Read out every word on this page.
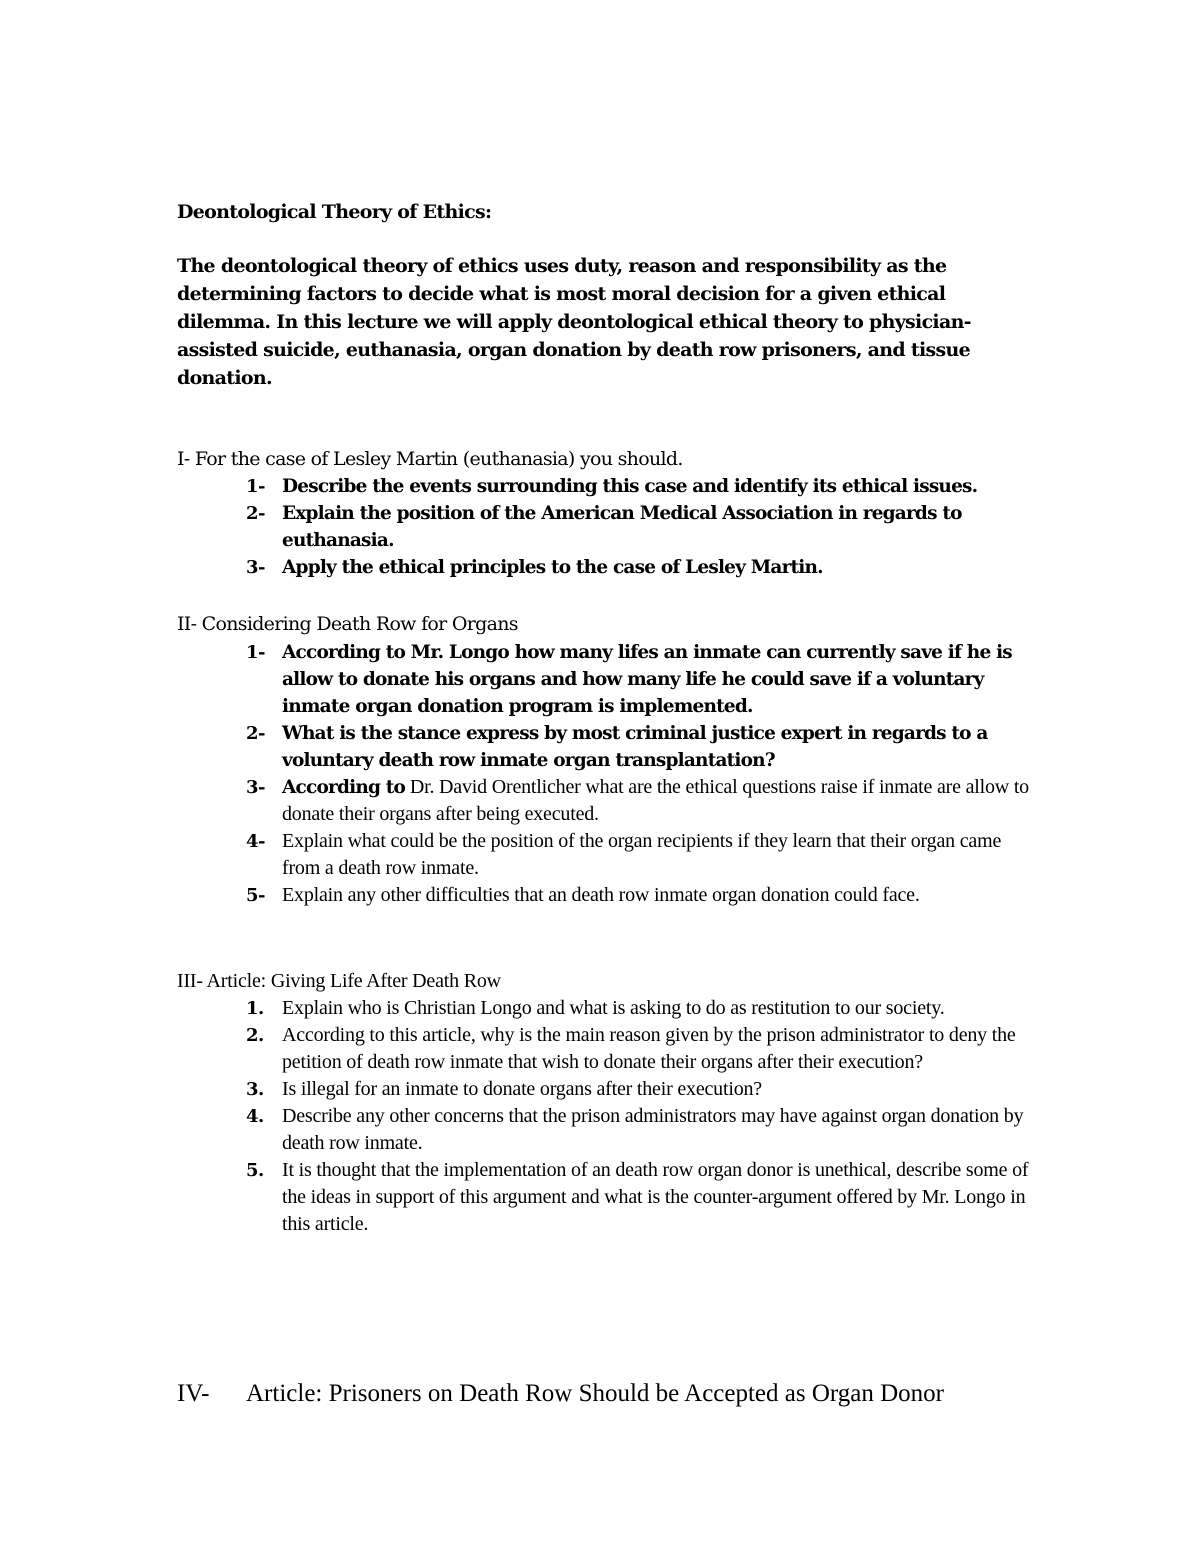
Deontological Theory of Ethics:

The deontological theory of ethics uses duty, reason and responsibility as the determining factors to decide what is most moral decision for a given ethical dilemma. In this lecture we will apply deontological ethical theory to physician-assisted suicide, euthanasia, organ donation by death row prisoners, and tissue donation.

I- For the case of Lesley Martin (euthanasia) you should.
1- Describe the events surrounding this case and identify its ethical issues.
2- Explain the position of the American Medical Association in regards to euthanasia.
3- Apply the ethical principles to the case of Lesley Martin.
II- Considering Death Row for Organs
1- According to Mr. Longo how many lifes an inmate can currently save if he is allow to donate his organs and how many life he could save if a voluntary inmate organ donation program is implemented.
2- What is the stance express by most criminal justice expert in regards to a voluntary death row inmate organ transplantation?
3- According to Dr. David Orentlicher what are the ethical questions raise if inmate are allow to donate their organs after being executed.
4- Explain what could be the position of the organ recipients if they learn that their organ came from a death row inmate.
5- Explain any other difficulties that an death row inmate organ donation could face.
III- Article: Giving Life After Death Row
1. Explain who is Christian Longo and what is asking to do as restitution to our society.
2. According to this article, why is the main reason given by the prison administrator to deny the petition of death row inmate that wish to donate their organs after their execution?
3. Is illegal for an inmate to donate organs after their execution?
4. Describe any other concerns that the prison administrators may have against organ donation by death row inmate.
5. It is thought that the implementation of an death row organ donor is unethical, describe some of the ideas in support of this argument and what is the counter-argument offered by Mr. Longo in this article.
IV- Article: Prisoners on Death Row Should be Accepted as Organ Donor
